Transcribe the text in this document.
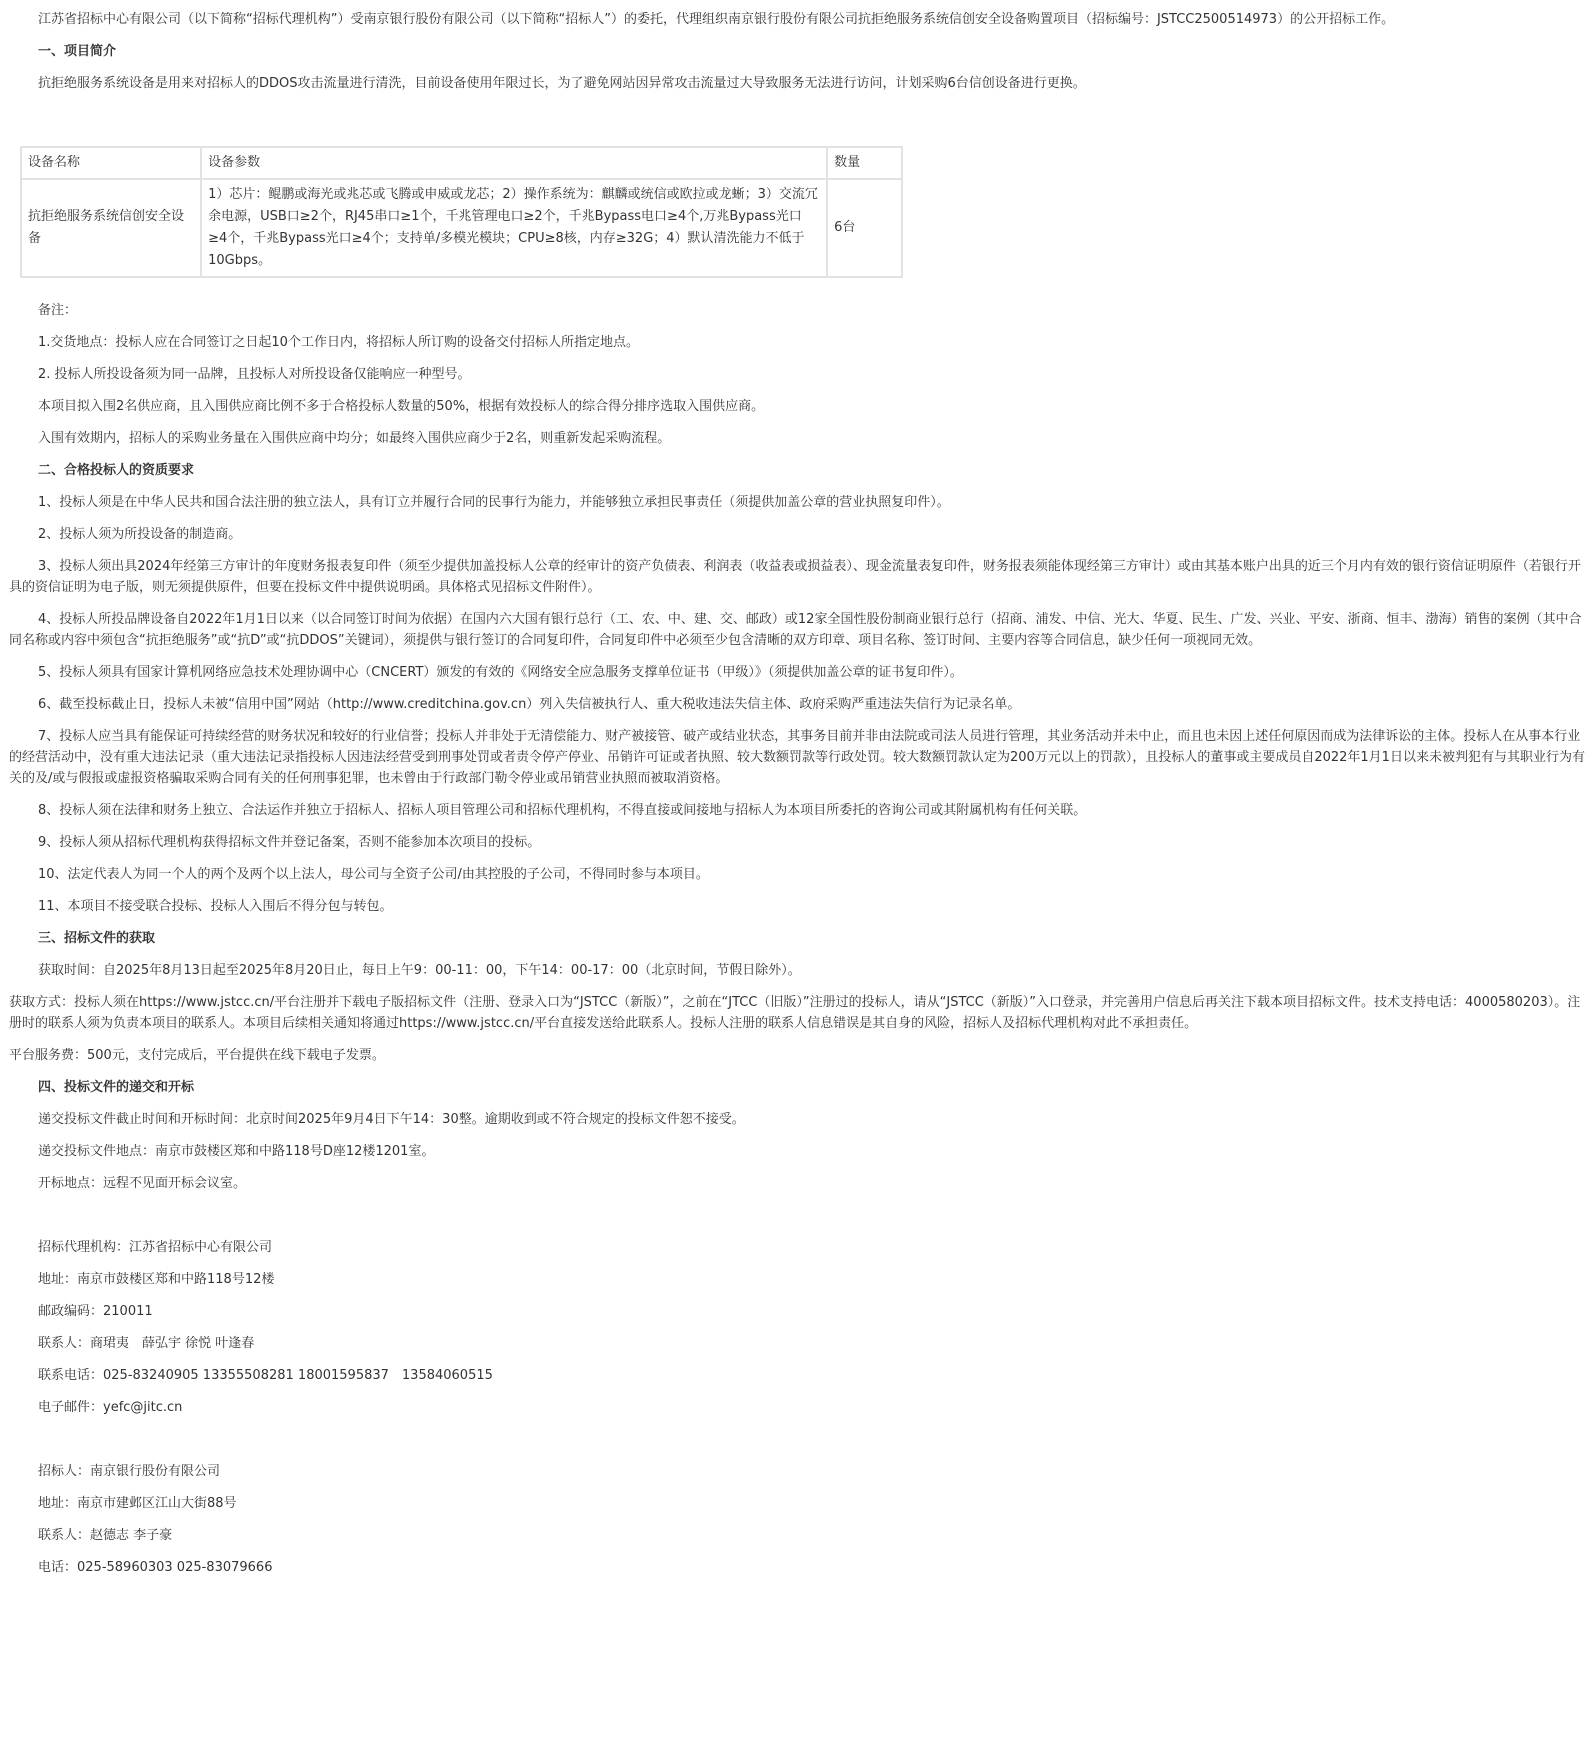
江苏省招标中心有限公司（以下简称“招标代理机构”）受南京银行股份有限公司（以下简称“招标人”）的委托，代理组织南京银行股份有限公司抗拒绝服务系统信创安全设备购置项目（招标编号：JSTCC2500514973）的公开招标工作。

一、项目简介

抗拒绝服务系统设备是用来对招标人的DDOS攻击流量进行清洗，目前设备使用年限过长，为了避免网站因异常攻击流量过大导致服务无法进行访问，计划采购6台信创设备进行更换。

设备名称	设备参数	数量
抗拒绝服务系统信创安全设备	1）芯片：鲲鹏或海光或兆芯或飞腾或申威或龙芯；2）操作系统为：麒麟或统信或欧拉或龙蜥；3）交流冗余电源，USB口≥2个，RJ45串口≥1个，千兆管理电口≥2个，千兆Bypass电口≥4个,万兆Bypass光口≥4个，千兆Bypass光口≥4个；支持单/多模光模块；CPU≥8核，内存≥32G；4）默认清洗能力不低于10Gbps。	6台

备注：

1.交货地点：投标人应在合同签订之日起10个工作日内，将招标人所订购的设备交付招标人所指定地点。

2. 投标人所投设备须为同一品牌，且投标人对所投设备仅能响应一种型号。

本项目拟入围2名供应商，且入围供应商比例不多于合格投标人数量的50%，根据有效投标人的综合得分排序选取入围供应商。

入围有效期内，招标人的采购业务量在入围供应商中均分；如最终入围供应商少于2名，则重新发起采购流程。

二、合格投标人的资质要求

1、投标人须是在中华人民共和国合法注册的独立法人，具有订立并履行合同的民事行为能力，并能够独立承担民事责任（须提供加盖公章的营业执照复印件）。

2、投标人须为所投设备的制造商。

3、投标人须出具2024年经第三方审计的年度财务报表复印件（须至少提供加盖投标人公章的经审计的资产负债表、利润表（收益表或损益表）、现金流量表复印件，财务报表须能体现经第三方审计）或由其基本账户出具的近三个月内有效的银行资信证明原件（若银行开具的资信证明为电子版，则无须提供原件，但要在投标文件中提供说明函。具体格式见招标文件附件）。

4、投标人所投品牌设备自2022年1月1日以来（以合同签订时间为依据）在国内六大国有银行总行（工、农、中、建、交、邮政）或12家全国性股份制商业银行总行（招商、浦发、中信、光大、华夏、民生、广发、兴业、平安、浙商、恒丰、渤海）销售的案例（其中合同名称或内容中须包含“抗拒绝服务”或“抗D”或“抗DDOS”关键词），须提供与银行签订的合同复印件，合同复印件中必须至少包含清晰的双方印章、项目名称、签订时间、主要内容等合同信息，缺少任何一项视同无效。

5、投标人须具有国家计算机网络应急技术处理协调中心（CNCERT）颁发的有效的《网络安全应急服务支撑单位证书（甲级）》（须提供加盖公章的证书复印件）。

6、截至投标截止日，投标人未被“信用中国”网站（http://www.creditchina.gov.cn）列入失信被执行人、重大税收违法失信主体、政府采购严重违法失信行为记录名单。

7、投标人应当具有能保证可持续经营的财务状况和较好的行业信誉；投标人并非处于无清偿能力、财产被接管、破产或结业状态，其事务目前并非由法院或司法人员进行管理，其业务活动并未中止，而且也未因上述任何原因而成为法律诉讼的主体。投标人在从事本行业的经营活动中，没有重大违法记录（重大违法记录指投标人因违法经营受到刑事处罚或者责令停产停业、吊销许可证或者执照、较大数额罚款等行政处罚。较大数额罚款认定为200万元以上的罚款），且投标人的董事或主要成员自2022年1月1日以来未被判犯有与其职业行为有关的及/或与假报或虚报资格骗取采购合同有关的任何刑事犯罪，也未曾由于行政部门勒令停业或吊销营业执照而被取消资格。

8、投标人须在法律和财务上独立、合法运作并独立于招标人、招标人项目管理公司和招标代理机构，不得直接或间接地与招标人为本项目所委托的咨询公司或其附属机构有任何关联。

9、投标人须从招标代理机构获得招标文件并登记备案，否则不能参加本次项目的投标。

10、法定代表人为同一个人的两个及两个以上法人，母公司与全资子公司/由其控股的子公司，不得同时参与本项目。

11、本项目不接受联合投标、投标人入围后不得分包与转包。

三、招标文件的获取

获取时间：自2025年8月13日起至2025年8月20日止，每日上午9：00-11：00，下午14：00-17：00（北京时间，节假日除外）。

获取方式：投标人须在https://www.jstcc.cn/平台注册并下载电子版招标文件（注册、登录入口为“JSTCC（新版）”，之前在“JTCC（旧版）”注册过的投标人，请从“JSTCC（新版）”入口登录，并完善用户信息后再关注下载本项目招标文件。技术支持电话：4000580203）。注册时的联系人须为负责本项目的联系人。本项目后续相关通知将通过https://www.jstcc.cn/平台直接发送给此联系人。投标人注册的联系人信息错误是其自身的风险，招标人及招标代理机构对此不承担责任。

平台服务费：500元，支付完成后，平台提供在线下载电子发票。

四、投标文件的递交和开标

递交投标文件截止时间和开标时间：北京时间2025年9月4日下午14：30整。逾期收到或不符合规定的投标文件恕不接受。

递交投标文件地点：南京市鼓楼区郑和中路118号D座12楼1201室。

开标地点：远程不见面开标会议室。

招标代理机构：江苏省招标中心有限公司

地址：南京市鼓楼区郑和中路118号12楼

邮政编码：210011

联系人：商珺夷　薛弘宇 徐悦 叶逢春

联系电话：025-83240905 13355508281 18001595837　13584060515

电子邮件：yefc@jitc.cn

招标人：南京银行股份有限公司

地址：南京市建邺区江山大街88号

联系人：赵德志 李子豪

电话：025-58960303 025-83079666
